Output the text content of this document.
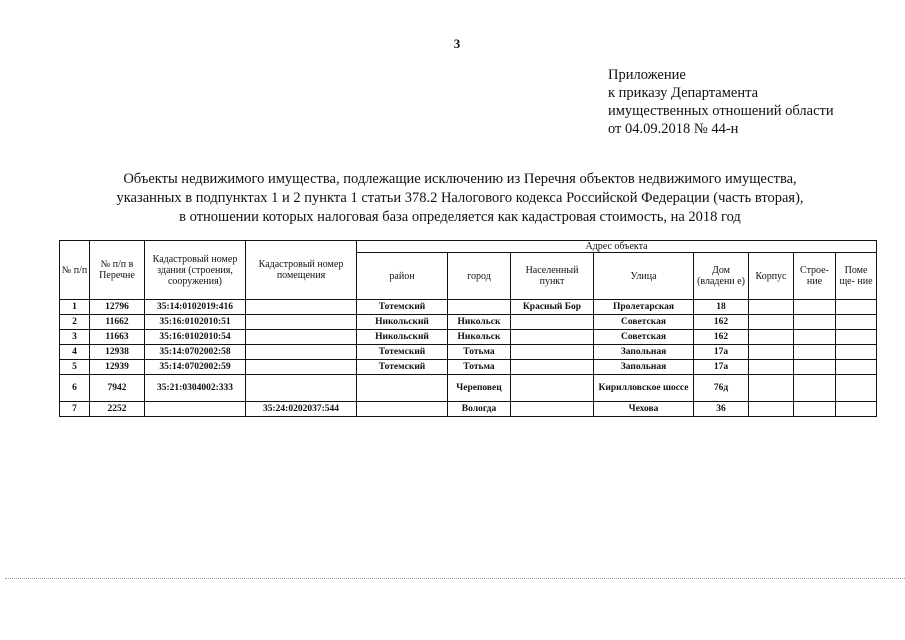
3
Приложение
к приказу Департамента
имущественных отношений области
от 04.09.2018 № 44-н
Объекты недвижимого имущества, подлежащие исключению из Перечня объектов недвижимого имущества,
указанных в подпунктах 1 и 2 пункта 1 статьи 378.2 Налогового кодекса Российской Федерации (часть вторая),
в отношении которых налоговая база определяется как кадастровая стоимость, на 2018 год
№ п/п	№ п/п в Перечне	Кадастровый номер здания (строения, сооружения)	Кадастровый номер помещения	Адрес объекта							
				район	город	Населенный пункт	Улица	Дом (владени е)	Корпус	Строе- ние	Поме ще- ние
1	12796	35:14:0102019:416		Тотемский		Красный Бор	Пролетарская	18			
2	11662	35:16:0102010:51		Никольский	Никольск		Советская	162			
3	11663	35:16:0102010:54		Никольский	Никольск		Советская	162			
4	12938	35:14:0702002:58		Тотемский	Тотьма		Запольная	17а			
5	12939	35:14:0702002:59		Тотемский	Тотьма		Запольная	17а			
6	7942	35:21:0304002:333			Череповец		Кирилловское шоссе	76д			
7	2252		35:24:0202037:544		Вологда		Чехова	36			
